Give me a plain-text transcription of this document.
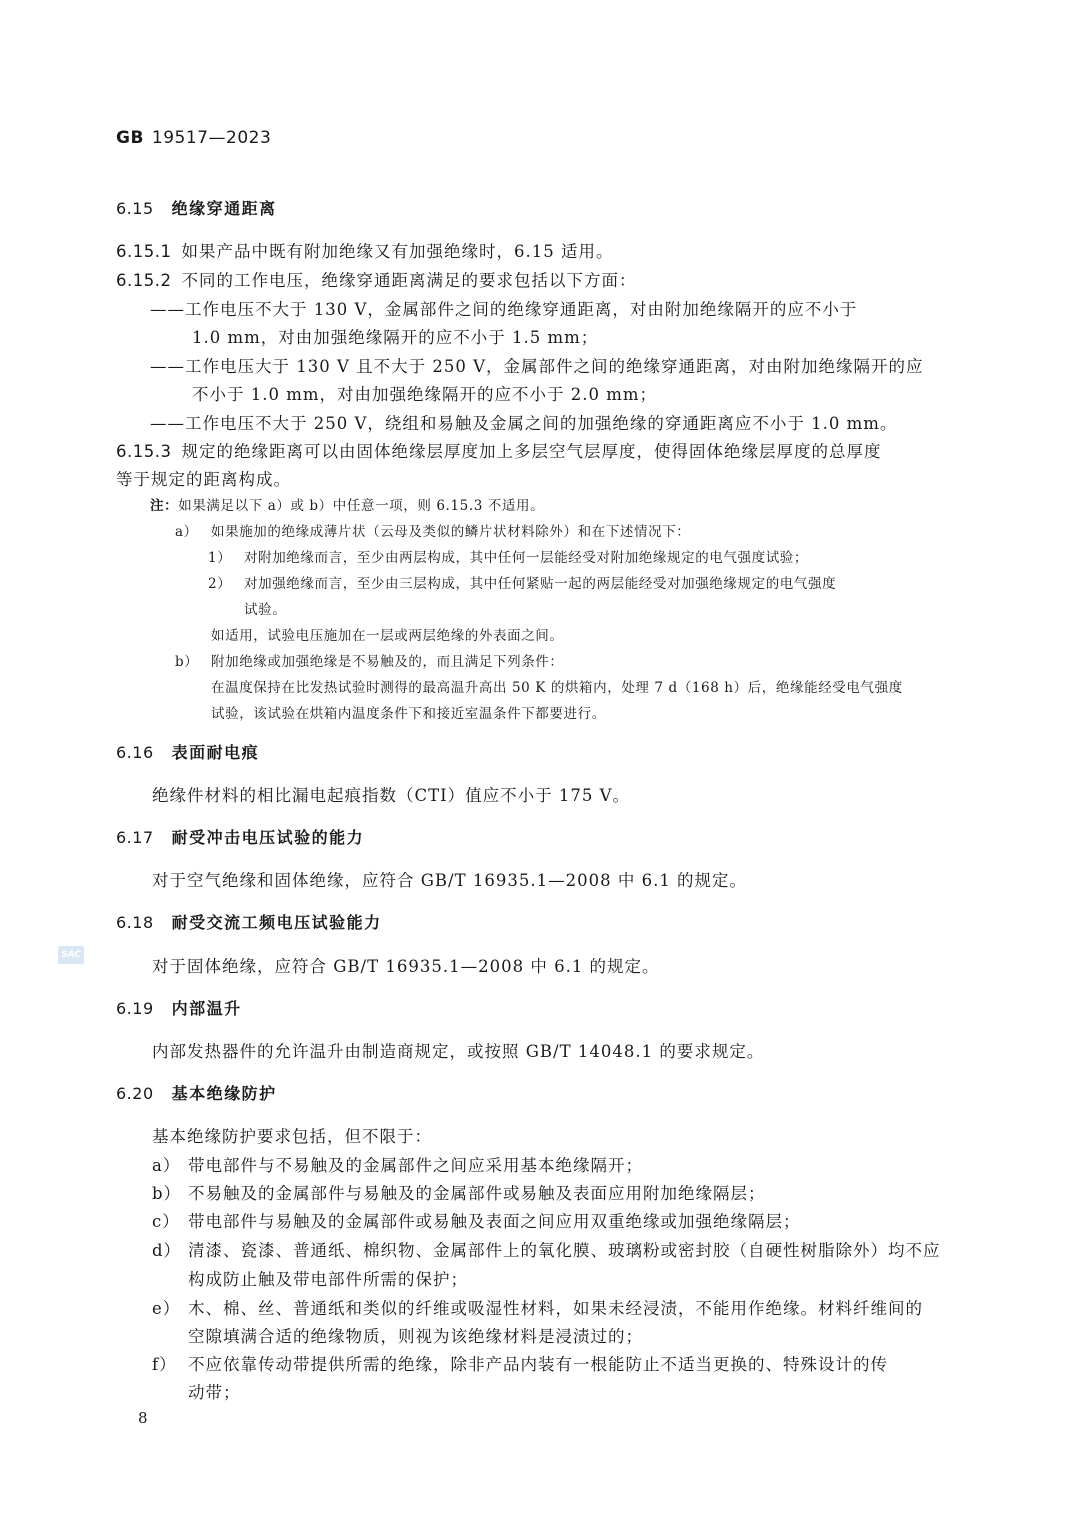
GB 19517—2023
6.15 绝缘穿通距离
6.15.1 如果产品中既有附加绝缘又有加强绝缘时，6.15 适用。
6.15.2 不同的工作电压，绝缘穿通距离满足的要求包括以下方面：
——工作电压不大于 130 V，金属部件之间的绝缘穿通距离，对由附加绝缘隔开的应不小于
1.0 mm，对由加强绝缘隔开的应不小于 1.5 mm；
——工作电压大于 130 V 且不大于 250 V，金属部件之间的绝缘穿通距离，对由附加绝缘隔开的应
不小于 1.0 mm，对由加强绝缘隔开的应不小于 2.0 mm；
——工作电压不大于 250 V，绕组和易触及金属之间的加强绝缘的穿通距离应不小于 1.0 mm。
6.15.3 规定的绝缘距离可以由固体绝缘层厚度加上多层空气层厚度，使得固体绝缘层厚度的总厚度
等于规定的距离构成。
注：如果满足以下 a）或 b）中任意一项，则 6.15.3 不适用。
a） 如果施加的绝缘成薄片状（云母及类似的鳞片状材料除外）和在下述情况下：
1） 对附加绝缘而言，至少由两层构成，其中任何一层能经受对附加绝缘规定的电气强度试验；
2） 对加强绝缘而言，至少由三层构成，其中任何紧贴一起的两层能经受对加强绝缘规定的电气强度
试验。
如适用，试验电压施加在一层或两层绝缘的外表面之间。
b） 附加绝缘或加强绝缘是不易触及的，而且满足下列条件：
在温度保持在比发热试验时测得的最高温升高出 50 K 的烘箱内，处理 7 d（168 h）后，绝缘能经受电气强度
试验，该试验在烘箱内温度条件下和接近室温条件下都要进行。
6.16 表面耐电痕
绝缘件材料的相比漏电起痕指数（CTI）值应不小于 175 V。
6.17 耐受冲击电压试验的能力
对于空气绝缘和固体绝缘，应符合 GB/T 16935.1—2008 中 6.1 的规定。
6.18 耐受交流工频电压试验能力
SAC
对于固体绝缘，应符合 GB/T 16935.1—2008 中 6.1 的规定。
6.19 内部温升
内部发热器件的允许温升由制造商规定，或按照 GB/T 14048.1 的要求规定。
6.20 基本绝缘防护
基本绝缘防护要求包括，但不限于：
a） 带电部件与不易触及的金属部件之间应采用基本绝缘隔开；
b） 不易触及的金属部件与易触及的金属部件或易触及表面应用附加绝缘隔层；
c） 带电部件与易触及的金属部件或易触及表面之间应用双重绝缘或加强绝缘隔层；
d） 清漆、瓷漆、普通纸、棉织物、金属部件上的氧化膜、玻璃粉或密封胶（自硬性树脂除外）均不应
构成防止触及带电部件所需的保护；
e） 木、棉、丝、普通纸和类似的纤维或吸湿性材料，如果未经浸渍，不能用作绝缘。材料纤维间的
空隙填满合适的绝缘物质，则视为该绝缘材料是浸渍过的；
f） 不应依靠传动带提供所需的绝缘，除非产品内装有一根能防止不适当更换的、特殊设计的传
动带；
8
